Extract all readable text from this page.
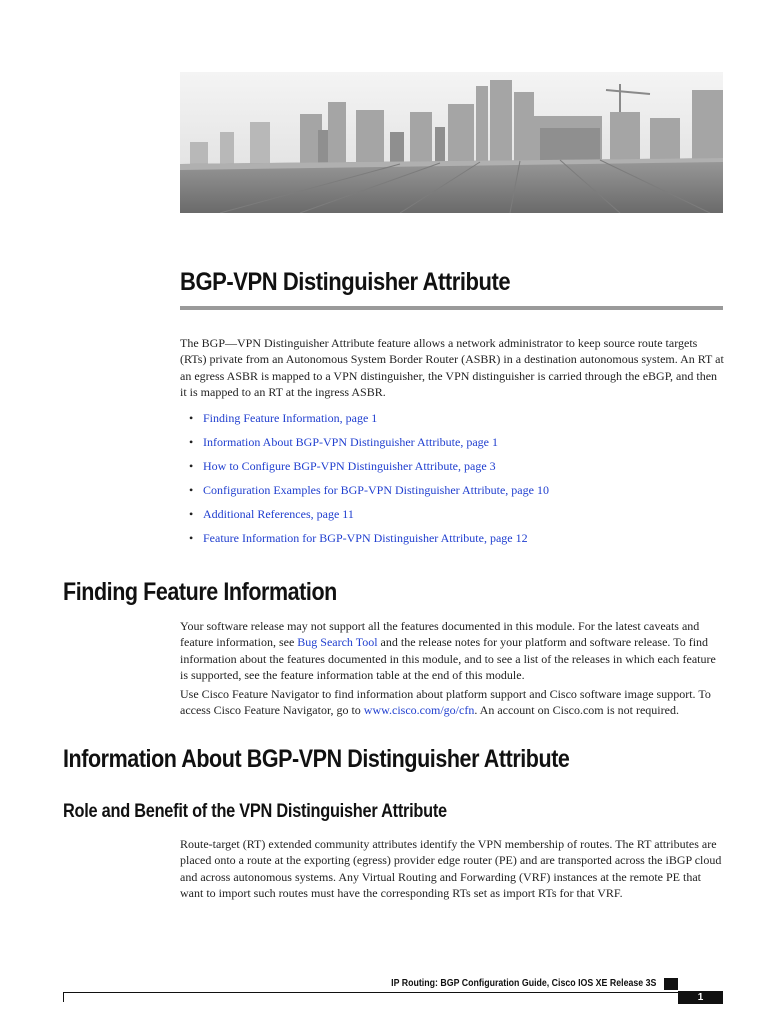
BGP-VPN Distinguisher Attribute

The BGP—VPN Distinguisher Attribute feature allows a network administrator to keep source route targets (RTs) private from an Autonomous System Border Router (ASBR) in a destination autonomous system. An RT at an egress ASBR is mapped to a VPN distinguisher, the VPN distinguisher is carried through the eBGP, and then it is mapped to an RT at the ingress ASBR.

• Finding Feature Information, page 1
• Information About BGP-VPN Distinguisher Attribute, page 1
• How to Configure BGP-VPN Distinguisher Attribute, page 3
• Configuration Examples for BGP-VPN Distinguisher Attribute, page 10
• Additional References, page 11
• Feature Information for BGP-VPN Distinguisher Attribute, page 12
Finding Feature Information

Your software release may not support all the features documented in this module. For the latest caveats and feature information, see Bug Search Tool and the release notes for your platform and software release. To find information about the features documented in this module, and to see a list of the releases in which each feature is supported, see the feature information table at the end of this module.

Use Cisco Feature Navigator to find information about platform support and Cisco software image support. To access Cisco Feature Navigator, go to www.cisco.com/go/cfn. An account on Cisco.com is not required.

Information About BGP-VPN Distinguisher Attribute
Role and Benefit of the VPN Distinguisher Attribute

Route-target (RT) extended community attributes identify the VPN membership of routes. The RT attributes are placed onto a route at the exporting (egress) provider edge router (PE) and are transported across the iBGP cloud and across autonomous systems. Any Virtual Routing and Forwarding (VRF) instances at the remote PE that want to import such routes must have the corresponding RTs set as import RTs for that VRF.

IP Routing: BGP Configuration Guide, Cisco IOS XE Release 3S
1
